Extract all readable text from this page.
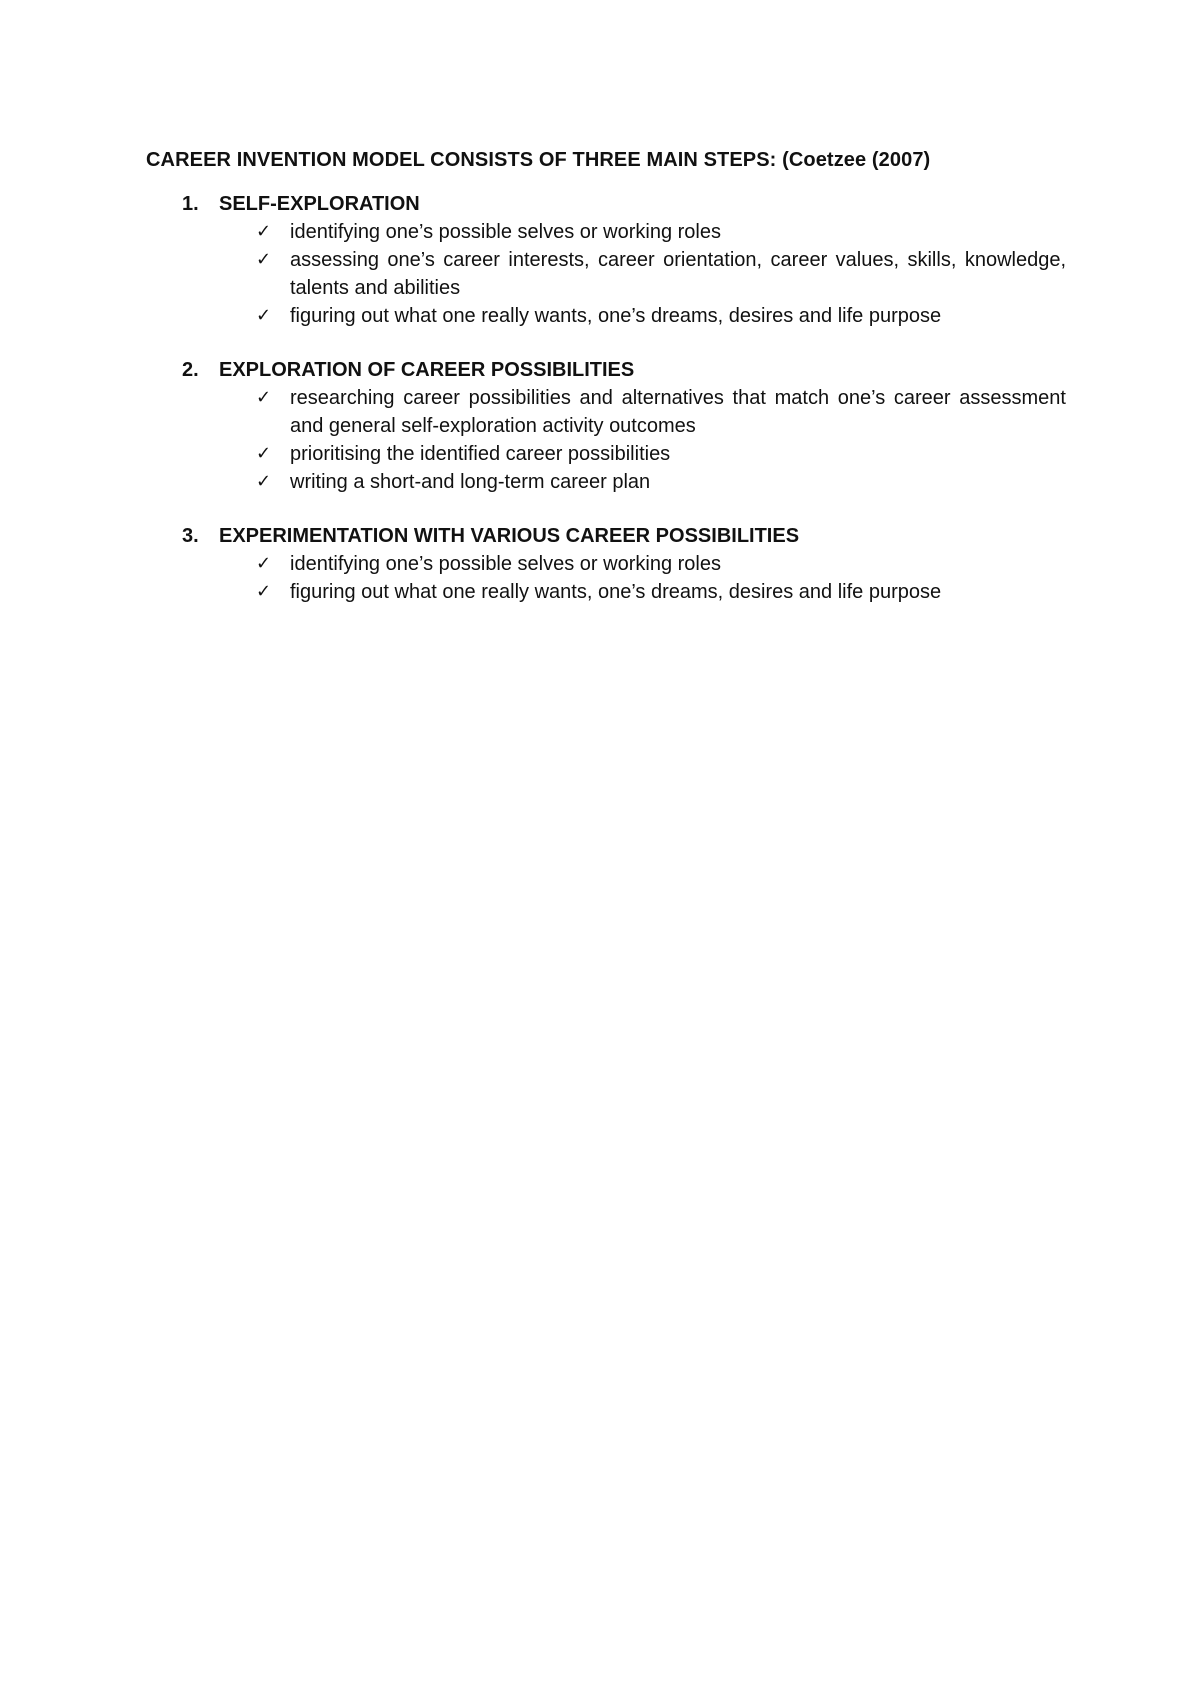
CAREER INVENTION MODEL CONSISTS OF THREE MAIN STEPS: (Coetzee (2007)
1.	SELF-EXPLORATION
✓ identifying one’s possible selves or working roles
✓ assessing one’s career interests, career orientation, career values, skills, knowledge, talents and abilities
✓ figuring out what one really wants, one’s dreams, desires and life purpose
2.	EXPLORATION OF CAREER POSSIBILITIES
✓ researching career possibilities and alternatives that match one’s career assessment and general self-exploration activity outcomes
✓ prioritising the identified career possibilities
✓ writing a short-and long-term career plan
3.	EXPERIMENTATION WITH VARIOUS CAREER POSSIBILITIES
✓ identifying one’s possible selves or working roles
✓ figuring out what one really wants, one’s dreams, desires and life purpose
